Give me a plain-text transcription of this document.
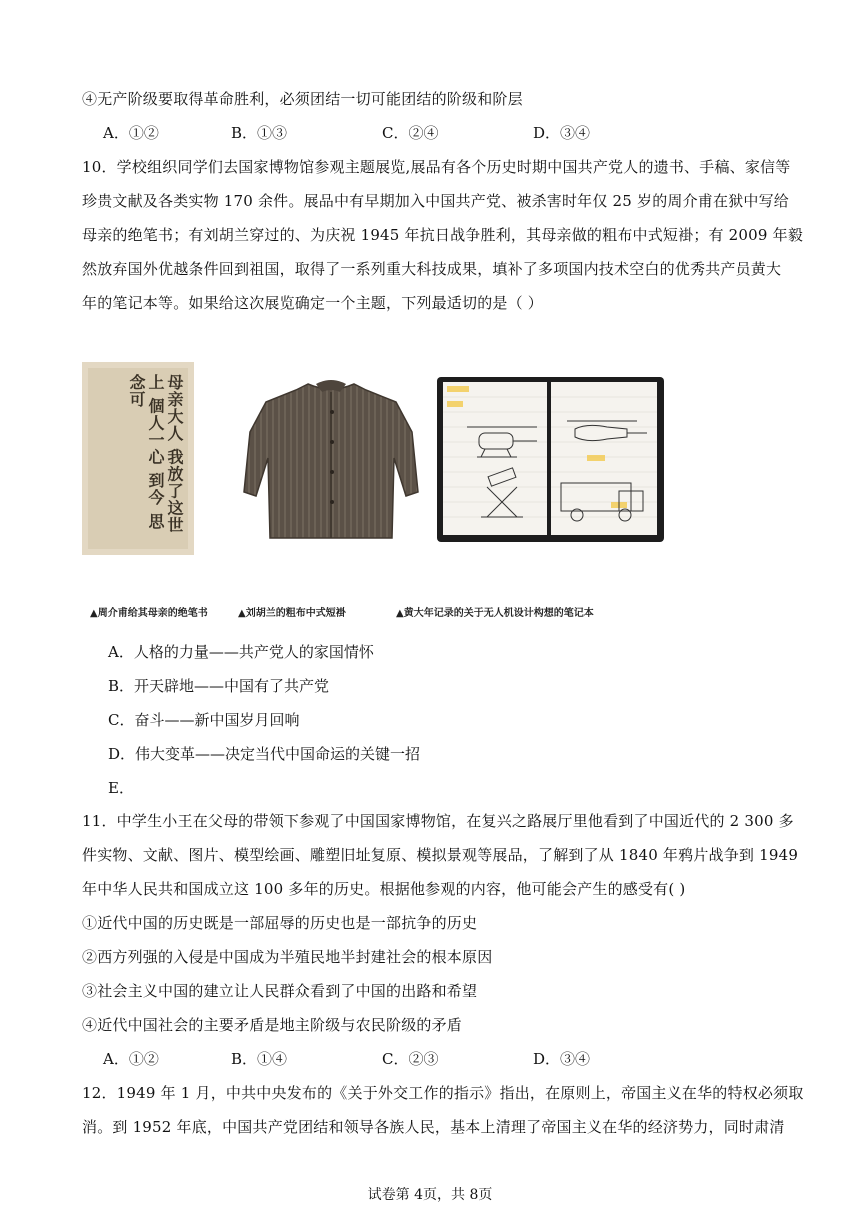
④无产阶级要取得革命胜利，必须团结一切可能团结的阶级和阶层
A．①②	B．①③	C．②④	D．③④
10．学校组织同学们去国家博物馆参观主题展览,展品有各个历史时期中国共产党人的遗书、手稿、家信等
珍贵文献及各类实物 170 余件。展品中有早期加入中国共产党、被杀害时年仅 25 岁的周介甫在狱中写给
母亲的绝笔书；有刘胡兰穿过的、为庆祝 1945 年抗日战争胜利，其母亲做的粗布中式短褂；有 2009 年毅
然放弃国外优越条件回到祖国，取得了一系列重大科技成果，填补了多项国内技术空白的优秀共产员黄大
年的笔记本等。如果给这次展览确定一个主题，下列最适切的是（ ）
母亲大人 我放了这世上 個人一心 到今 思念可
▲周介甫给其母亲的绝笔书	▲刘胡兰的粗布中式短褂	▲黄大年记录的关于无人机设计构想的笔记本
A．人格的力量——共产党人的家国情怀
B．开天辟地——中国有了共产党
C．奋斗——新中国岁月回响
D．伟大变革——决定当代中国命运的关键一招
E．
11．中学生小王在父母的带领下参观了中国国家博物馆，在复兴之路展厅里他看到了中国近代的 2 300 多
件实物、文献、图片、模型绘画、雕塑旧址复原、模拟景观等展品，了解到了从 1840 年鸦片战争到 1949
年中华人民共和国成立这 100 多年的历史。根据他参观的内容，他可能会产生的感受有( )
①近代中国的历史既是一部屈辱的历史也是一部抗争的历史
②西方列强的入侵是中国成为半殖民地半封建社会的根本原因
③社会主义中国的建立让人民群众看到了中国的出路和希望
④近代中国社会的主要矛盾是地主阶级与农民阶级的矛盾
A．①②	B．①④	C．②③	D．③④
12．1949 年 1 月，中共中央发布的《关于外交工作的指示》指出，在原则上，帝国主义在华的特权必须取
消。到 1952 年底，中国共产党团结和领导各族人民，基本上清理了帝国主义在华的经济势力，同时肃清
试卷第 4页，共 8页
